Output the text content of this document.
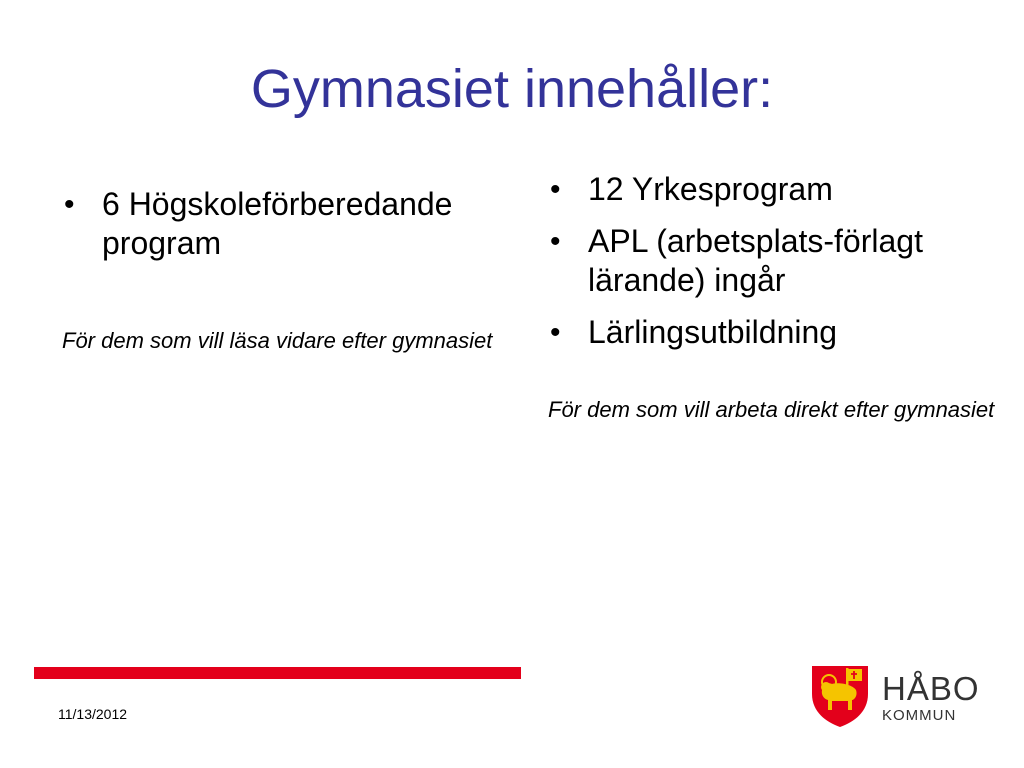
Gymnasiet innehåller:
• 6 Högskoleförberedande program
För dem som vill läsa vidare efter gymnasiet
• 12 Yrkesprogram
• APL (arbetsplats-förlagt lärande) ingår
• Lärlingsutbildning
För dem som vill arbeta direkt efter gymnasiet
11/13/2012
HÅBO
KOMMUN
